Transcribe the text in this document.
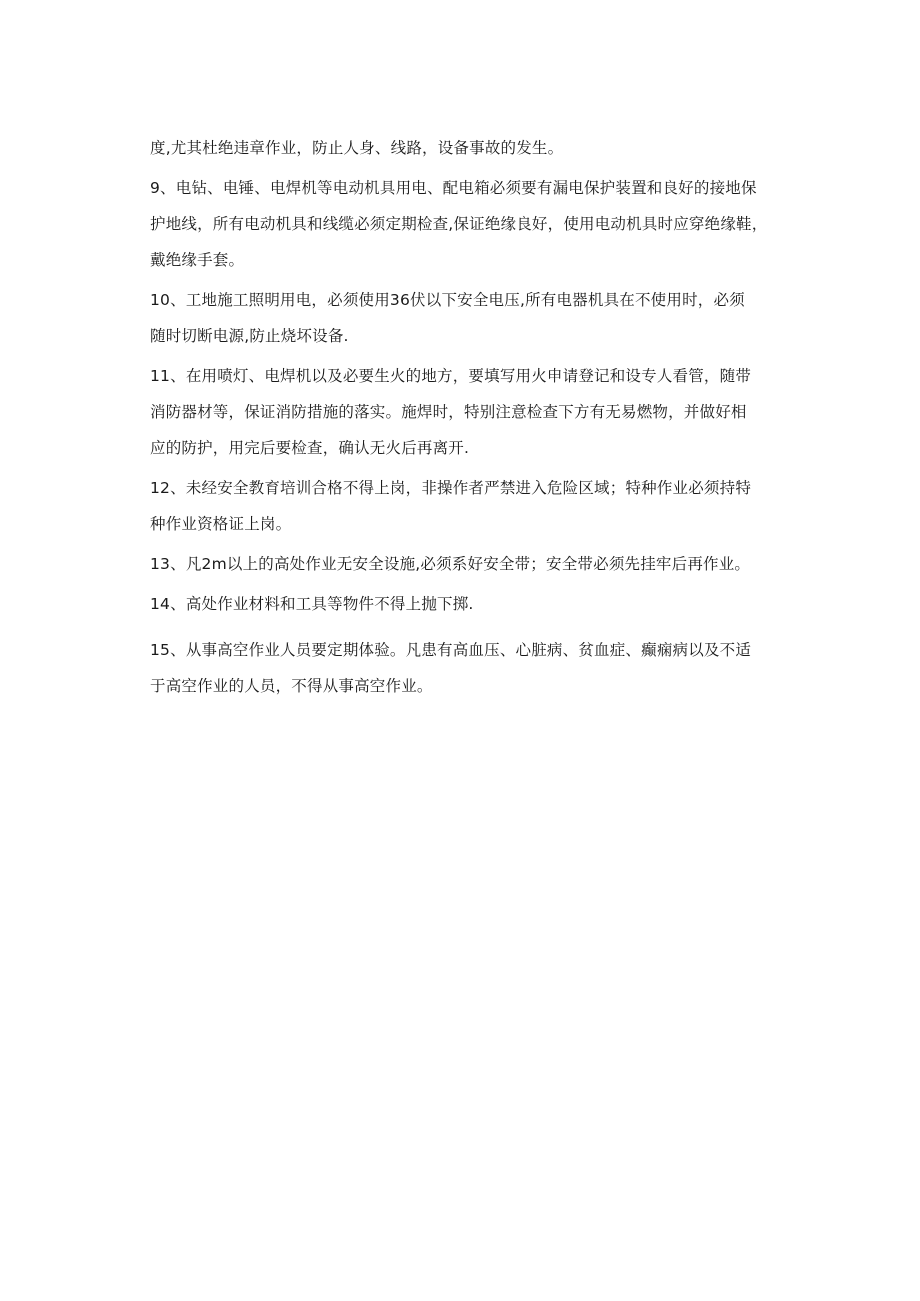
度,尤其杜绝违章作业，防止人身、线路，设备事故的发生。

9、电钻、电锤、电焊机等电动机具用电、配电箱必须要有漏电保护装置和良好的接地保
护地线，所有电动机具和线缆必须定期检查,保证绝缘良好，使用电动机具时应穿绝缘鞋，
戴绝缘手套。

10、工地施工照明用电，必须使用36伏以下安全电压,所有电器机具在不使用时，必须
随时切断电源,防止烧坏设备.

11、在用喷灯、电焊机以及必要生火的地方，要填写用火申请登记和设专人看管，随带
消防器材等，保证消防措施的落实。施焊时，特别注意检查下方有无易燃物，并做好相
应的防护，用完后要检查，确认无火后再离开.

12、未经安全教育培训合格不得上岗，非操作者严禁进入危险区域；特种作业必须持特
种作业资格证上岗。

13、凡2m以上的高处作业无安全设施,必须系好安全带；安全带必须先挂牢后再作业。

14、高处作业材料和工具等物件不得上抛下掷.

15、从事高空作业人员要定期体验。凡患有高血压、心脏病、贫血症、癫痫病以及不适
于高空作业的人员，不得从事高空作业。
